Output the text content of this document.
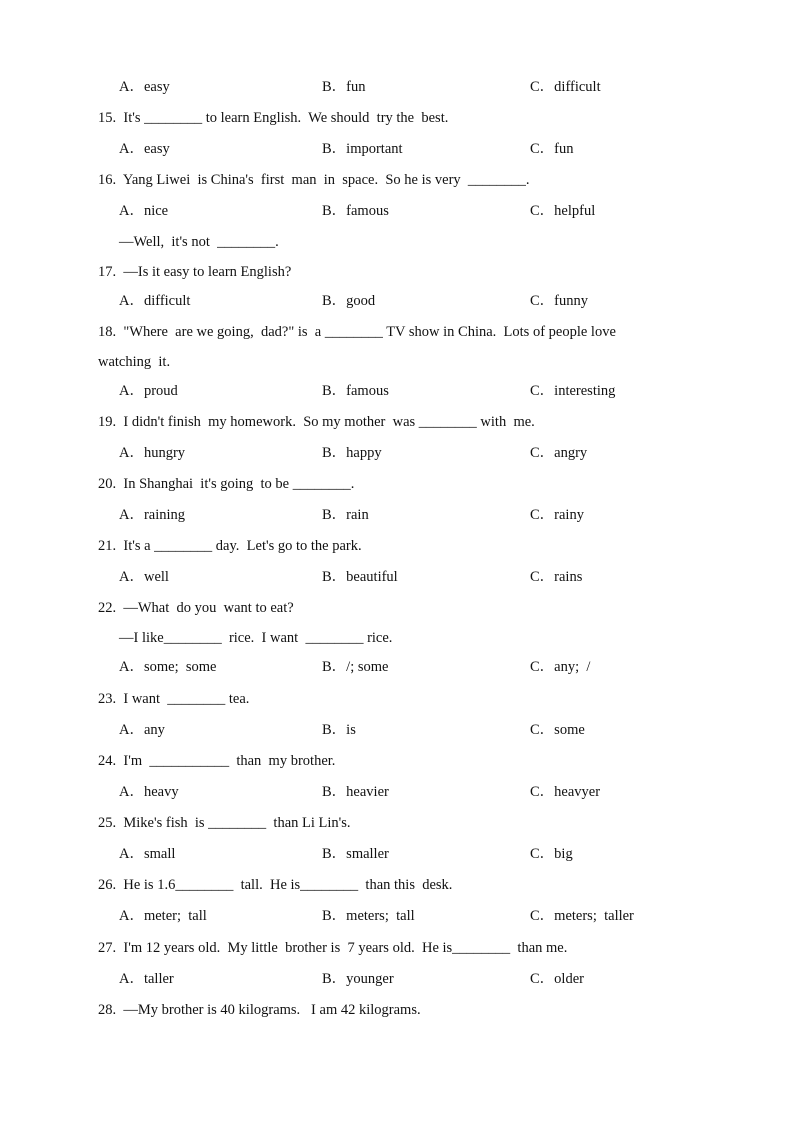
A．easy	B．fun	C．difficult
15.  It's ________ to learn English.  We should  try the  best.
A．easy	B．important	C．fun
16.  Yang Liwei  is China's  first  man  in  space.  So he is very  ________.
A．nice	B．famous	C．helpful
17.  —Is it easy to learn English?
—Well,  it's not  ________.
A．difficult	B．good	C．funny
18.  "Where  are we going,  dad?" is  a ________ TV show in China.  Lots of people love
watching  it.
A．proud	B．famous	C．interesting
19.  I didn't finish  my homework.  So my mother  was ________ with  me.
A．hungry	B．happy	C．angry
20.  In Shanghai  it's going  to be ________.
A．raining	B．rain	C．rainy
21.  It's a ________ day.  Let's go to the park.
A．well	B．beautiful	C．rains
22.  —What  do you  want to eat?
—I like________  rice.  I want  ________ rice.
A．some;  some	B．/; some	C．any;  /
23.  I want  ________ tea.
A．any	B．is	C．some
24.  I'm  ___________  than  my brother.
A．heavy	B．heavier	C．heavyer
25.  Mike's fish  is ________  than Li Lin's.
A．small	B．smaller	C．big
26.  He is 1.6________  tall.  He is________  than this  desk.
A．meter;  tall	B．meters;  tall	C．meters;  taller
27.  I'm 12 years old.  My little  brother is  7 years old.  He is________  than me.
A．taller	B．younger	C．older
28.  —My brother is 40 kilograms.   I am 42 kilograms.
